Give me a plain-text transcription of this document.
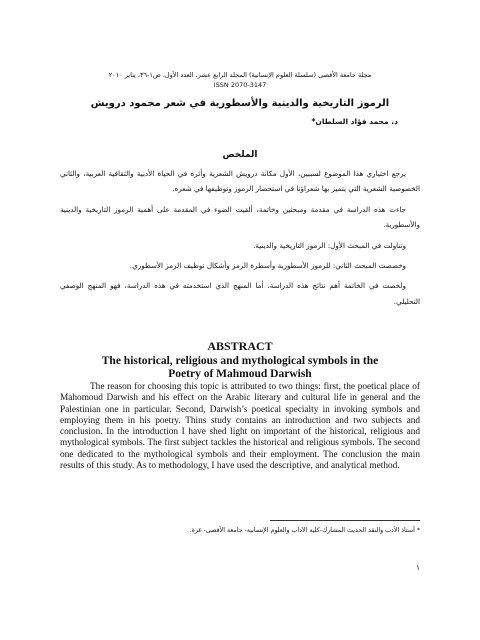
مجلة جامعة الأقصى (سلسلة العلوم الإنسانية) المجلد الرابع عشر، العدد الأول، ص١-٣٦، يناير ٢٠١٠
ISSN 2070-3147
الرموز التاريخية والدينية والأسطورية في شعر محمود درويش
د. محمد فؤاد السلطان*
الملخص

يرجع اختياري هذا الموضوع لسببين، الأول مكانة درويش الشعرية وأثره في الحياة الأدبية والثقافية العربية، والثاني الخصوصية الشعرية التي يتميز بها شعراؤنا في استحضار الرموز وتوظيفها في شعره.

جاءت هذه الدراسة في مقدمة ومبحثين وخاتمة، ألقيت الضوء في المقدمة على أهمية الرموز التاريخية والدينية والأسطورية.

وتناولت في المبحث الأول: الرموز التاريخية والدينية.

وخصصت المبحث الثاني: للرموز الأسطورية وأسطرة الرمز وأشكال توظيف الرمز الأسطوري.

ولخصت في الخاتمة أهم نتائج هذه الدراسة، أما المنهج الذي استخدمته في هذه الدراسة، فهو المنهج الوصفي التحليلي.

ABSTRACT
The historical, religious and mythological symbols in the
Poetry of Mahmoud Darwish

The reason for choosing this topic is attributed to two things: first, the poetical place of Mahomoud Darwish and his effect on the Arabic literary and cultural life in general and the Palestinian one in particular. Second, Darwish’s poetical specialty in invoking symbols and employing them in his poetry. Thins study contains an introduction and two subjects and conclusion. In the introduction I have shed light on important of the historical, religious and mythological symbols. The first subject tackles the historical and religious symbols. The second one dedicated to the mythological symbols and their employment. The conclusion the main results of this study. As to methodology, I have used the descriptive, and analytical method.

* أستاذ الأدب والنقد الحديث المشارك-كلية الآداب والعلوم الإنسانية- جامعة الأقصى- غزة.
١
